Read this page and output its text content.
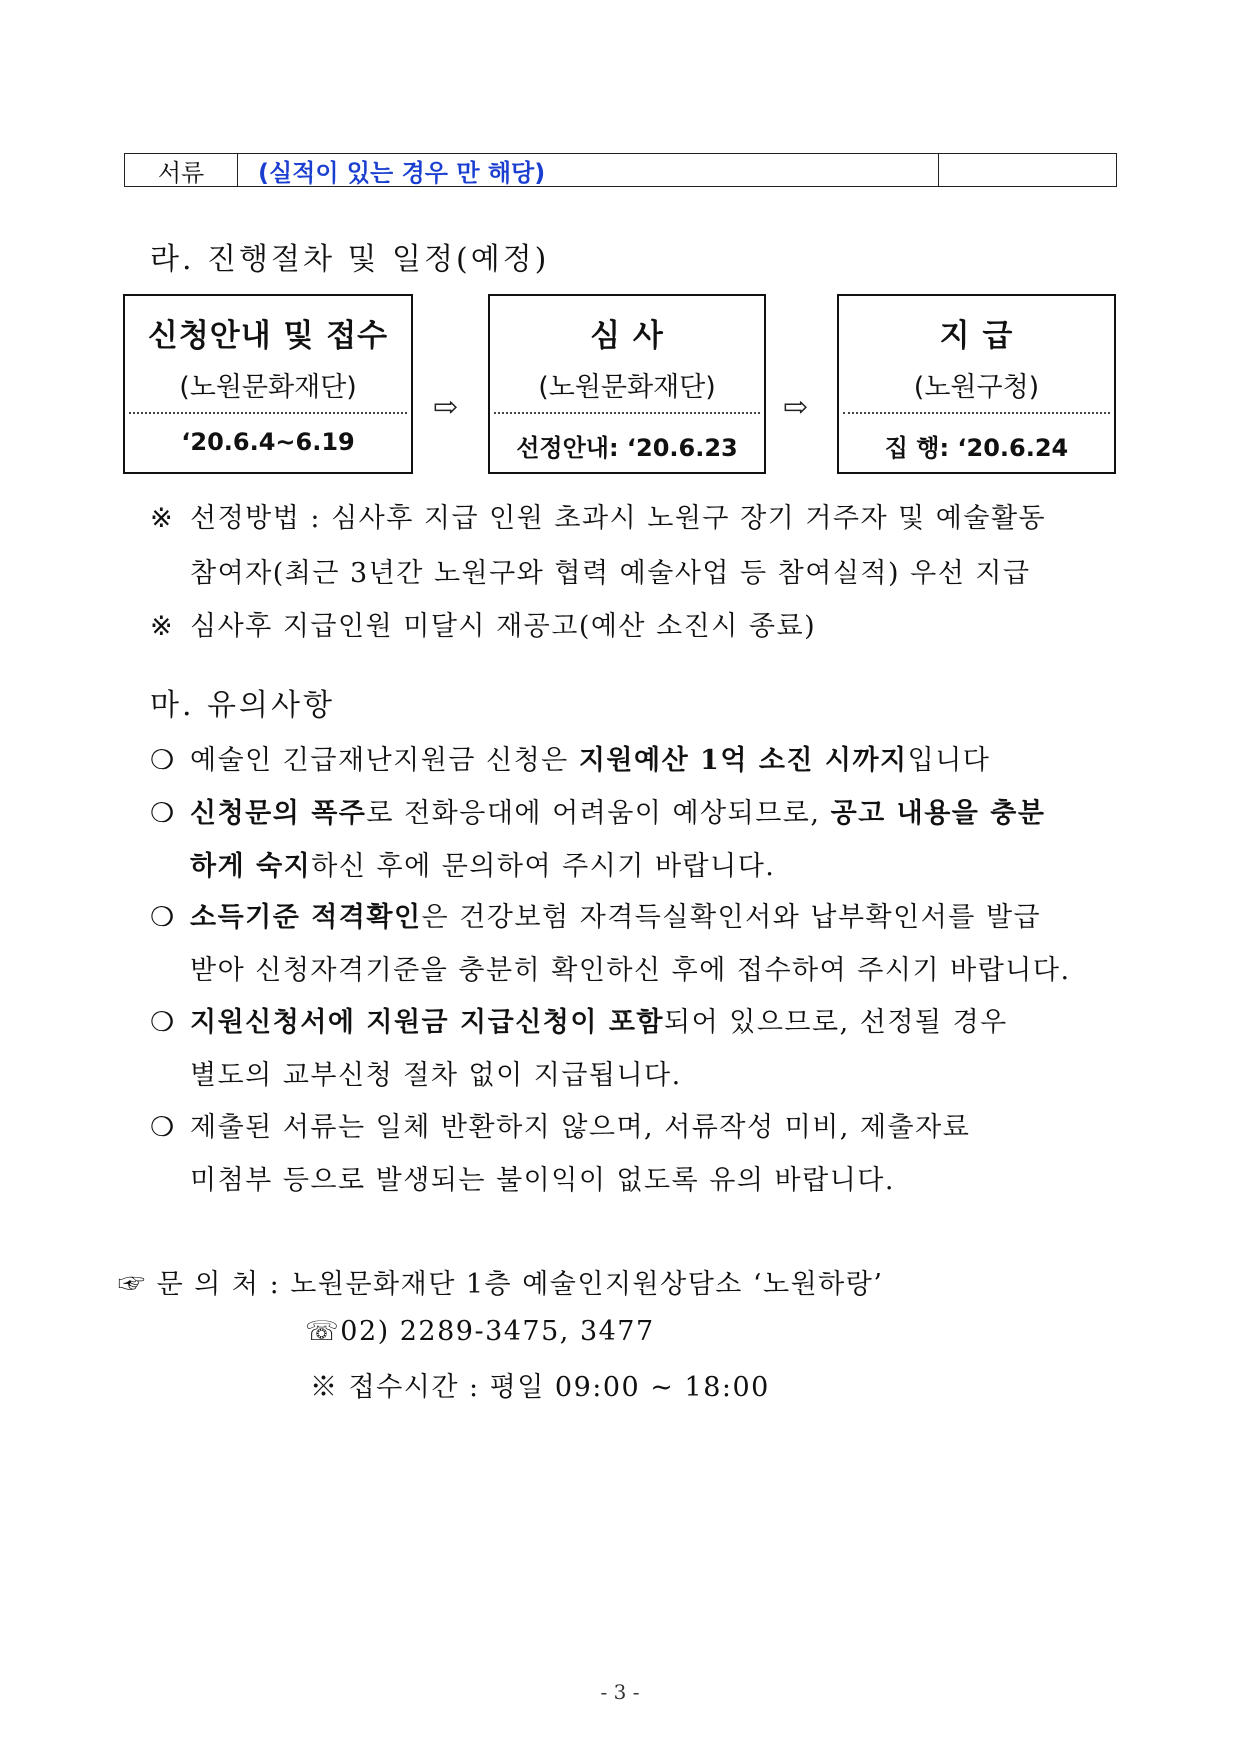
서류	(실적이 있는 경우 만 해당)
라. 진행절차 및 일정(예정)
신청안내 및 접수
(노원문화재단)
‘20.6.4~6.19
⇨
심 사
(노원문화재단)
선정안내: ‘20.6.23
⇨
지 급
(노원구청)
집 행: ‘20.6.24
※ 선정방법 : 심사후 지급 인원 초과시 노원구 장기 거주자 및 예술활동
참여자(최근 3년간 노원구와 협력 예술사업 등 참여실적) 우선 지급
※ 심사후 지급인원 미달시 재공고(예산 소진시 종료)
마. 유의사항
❍ 예술인 긴급재난지원금 신청은 지원예산 1억 소진 시까지입니다
❍ 신청문의 폭주로 전화응대에 어려움이 예상되므로, 공고 내용을 충분
하게 숙지하신 후에 문의하여 주시기 바랍니다.
❍ 소득기준 적격확인은 건강보험 자격득실확인서와 납부확인서를 발급
받아 신청자격기준을 충분히 확인하신 후에 접수하여 주시기 바랍니다.
❍ 지원신청서에 지원금 지급신청이 포함되어 있으므로, 선정될 경우
별도의 교부신청 절차 없이 지급됩니다.
❍ 제출된 서류는 일체 반환하지 않으며, 서류작성 미비, 제출자료
미첨부 등으로 발생되는 불이익이 없도록 유의 바랍니다.
☞ 문 의 처 : 노원문화재단 1층 예술인지원상담소 ‘노원하랑’
☏02) 2289-3475, 3477
※ 접수시간 : 평일 09:00 ~ 18:00
- 3 -
